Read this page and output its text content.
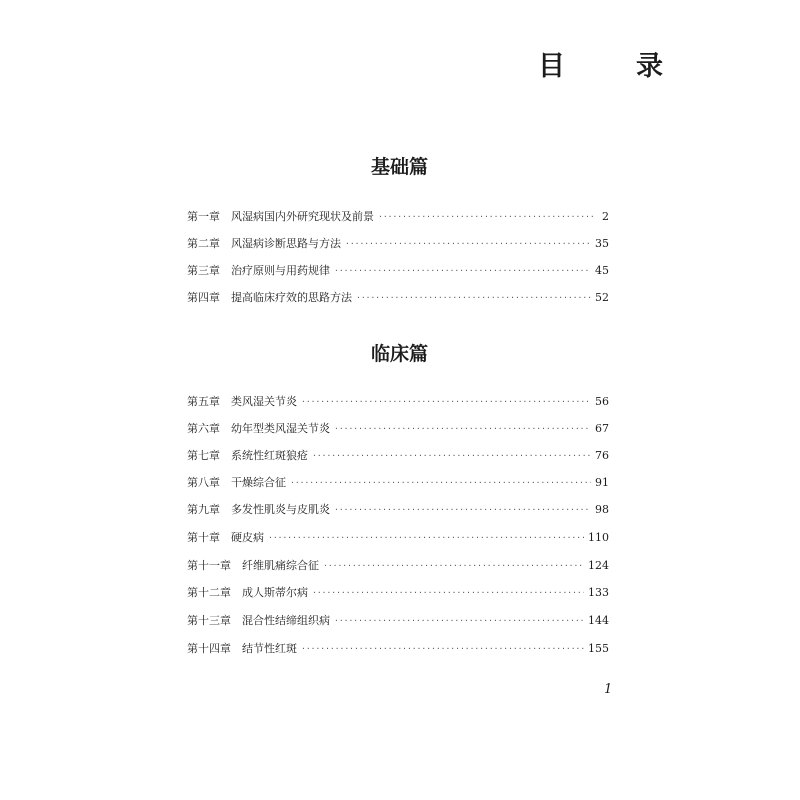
目　录
基础篇
第一章 风湿病国内外研究现状及前景 ·····	2
第二章 风湿病诊断思路与方法 ·····	35
第三章 治疗原则与用药规律 ·····	45
第四章 提高临床疗效的思路方法 ·····	52
临床篇
第五章 类风湿关节炎 ·····	56
第六章 幼年型类风湿关节炎 ·····	67
第七章 系统性红斑狼疮 ·····	76
第八章 干燥综合征 ·····	91
第九章 多发性肌炎与皮肌炎 ·····	98
第十章 硬皮病 ·····	110
第十一章 纤维肌痛综合征 ·····	124
第十二章 成人斯蒂尔病 ·····	133
第十三章 混合性结缔组织病 ·····	144
第十四章 结节性红斑 ·····	155
1
